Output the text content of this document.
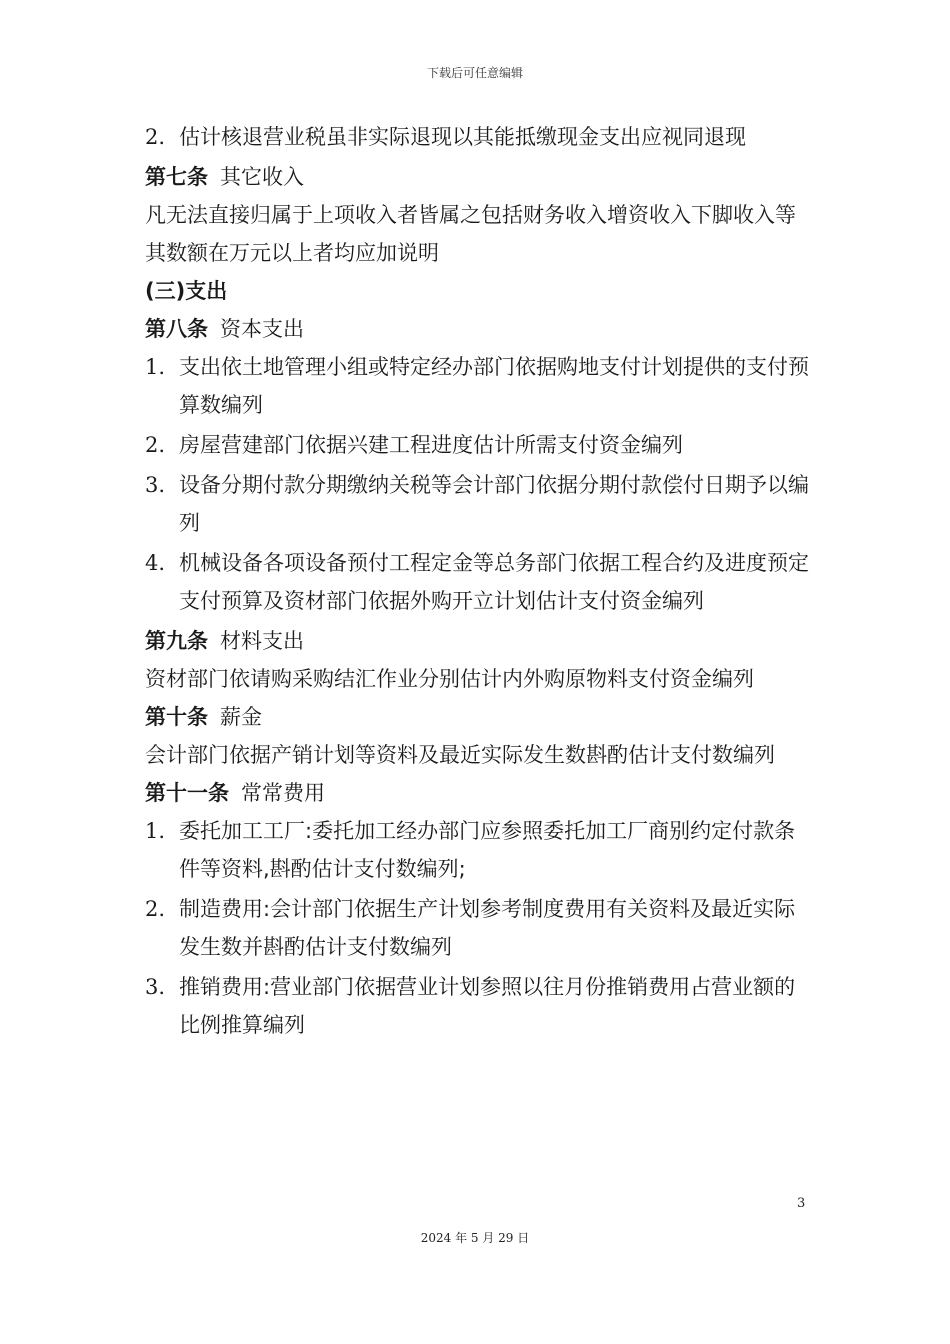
下载后可任意编辑
2. 估计核退营业税虽非实际退现以其能抵缴现金支出应视同退现
第七条 其它收入

凡无法直接归属于上项收入者皆属之包括财务收入增资收入下脚收入等其数额在万元以上者均应加说明

(三)支出

第八条 资本支出
1. 支出依土地管理小组或特定经办部门依据购地支付计划提供的支付预算数编列
2. 房屋营建部门依据兴建工程进度估计所需支付资金编列
3. 设备分期付款分期缴纳关税等会计部门依据分期付款偿付日期予以编列
4. 机械设备各项设备预付工程定金等总务部门依据工程合约及进度预定支付预算及资材部门依据外购开立计划估计支付资金编列
第九条 材料支出

资材部门依请购采购结汇作业分别估计内外购原物料支付资金编列

第十条 薪金

会计部门依据产销计划等资料及最近实际发生数斟酌估计支付数编列

第十一条 常常费用
1. 委托加工工厂:委托加工经办部门应参照委托加工厂商别约定付款条件等资料,斟酌估计支付数编列;
2. 制造费用:会计部门依据生产计划参考制度费用有关资料及最近实际发生数并斟酌估计支付数编列
3. 推销费用:营业部门依据营业计划参照以往月份推销费用占营业额的比例推算编列
3
2024 年 5 月 29 日
